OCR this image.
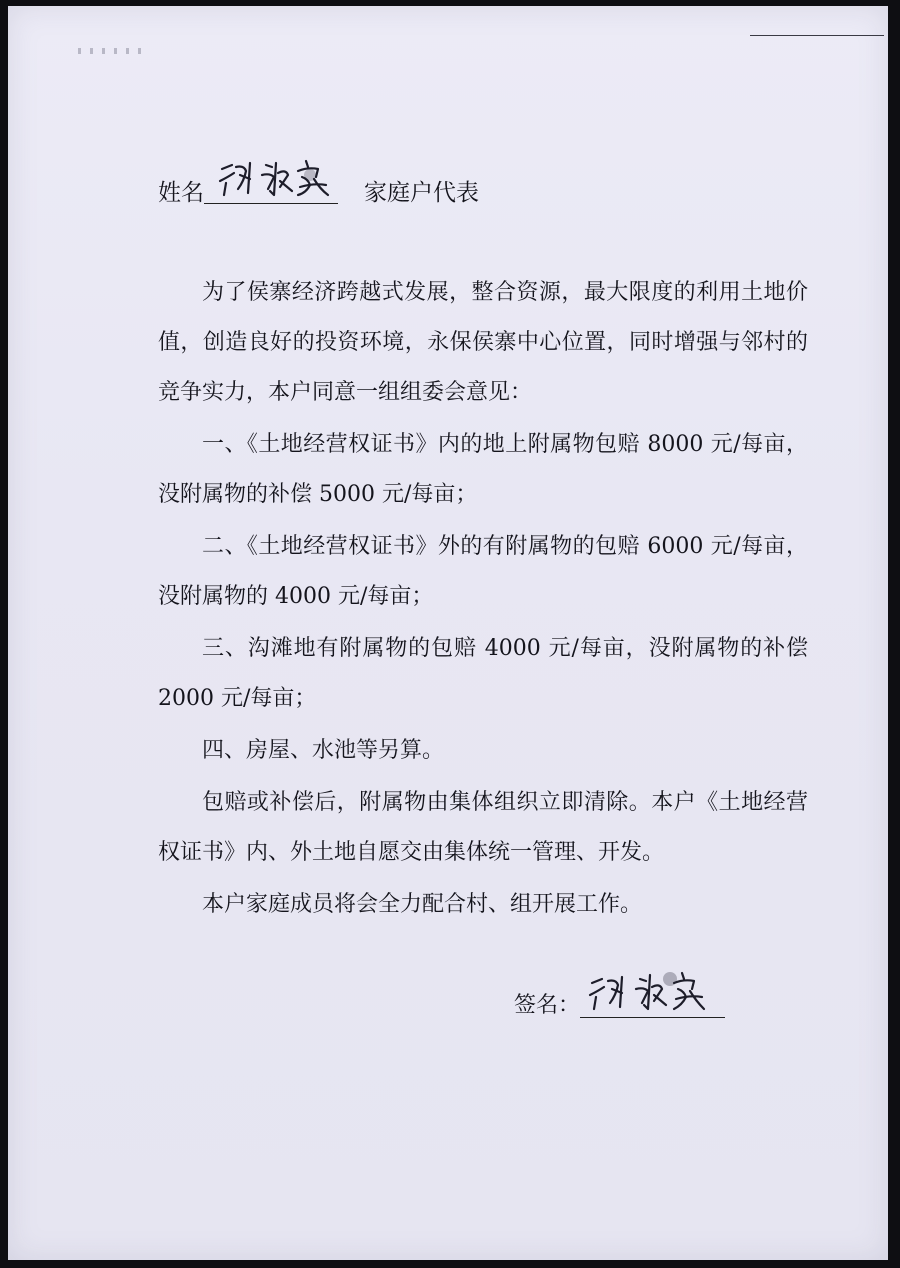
姓名	家庭户代表

为了侯寨经济跨越式发展，整合资源，最大限度的利用土地价值，创造良好的投资环境，永保侯寨中心位置，同时增强与邻村的竞争实力，本户同意一组组委会意见：

一、《土地经营权证书》内的地上附属物包赔 8000 元/每亩，没附属物的补偿 5000 元/每亩；

二、《土地经营权证书》外的有附属物的包赔 6000 元/每亩，没附属物的 4000 元/每亩；

三、沟滩地有附属物的包赔 4000 元/每亩，没附属物的补偿 2000 元/每亩；

四、房屋、水池等另算。

包赔或补偿后，附属物由集体组织立即清除。本户《土地经营权证书》内、外土地自愿交由集体统一管理、开发。

本户家庭成员将会全力配合村、组开展工作。

签名：
